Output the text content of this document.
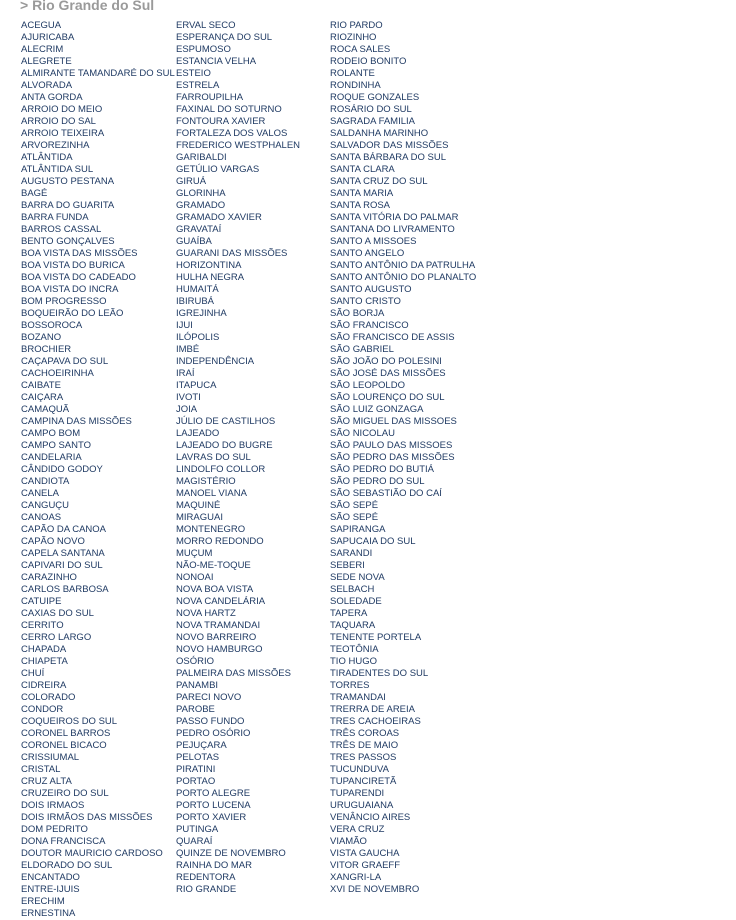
> Rio Grande do Sul
ACEGUA
AJURICABA
ALECRIM
ALEGRETE
ALMIRANTE TAMANDARÉ DO SUL
ALVORADA
ANTA GORDA
ARROIO DO MEIO
ARROIO DO SAL
ARROIO TEIXEIRA
ARVOREZINHA
ATLÂNTIDA
ATLÂNTIDA SUL
AUGUSTO PESTANA
BAGÉ
BARRA DO GUARITA
BARRA FUNDA
BARROS CASSAL
BENTO GONÇALVES
BOA VISTA DAS MISSÕES
BOA VISTA DO BURICA
BOA VISTA DO CADEADO
BOA VISTA DO INCRA
BOM PROGRESSO
BOQUEIRÃO DO LEÃO
BOSSOROCA
BOZANO
BROCHIER
CAÇAPAVA DO SUL
CACHOEIRINHA
CAIBATE
CAIÇARA
CAMAQUÃ
CAMPINA DAS MISSÕES
CAMPO BOM
CAMPO SANTO
CANDELARIA
CÂNDIDO GODOY
CANDIOTA
CANELA
CANGUÇU
CANOAS
CAPÃO DA CANOA
CAPÃO NOVO
CAPELA SANTANA
CAPIVARI DO SUL
CARAZINHO
CARLOS BARBOSA
CATUIPE
CAXIAS DO SUL
CERRITO
CERRO LARGO
CHAPADA
CHIAPETA
CHUÍ
CIDREIRA
COLORADO
CONDOR
COQUEIROS DO SUL
CORONEL BARROS
CORONEL BICACO
CRISSIUMAL
CRISTAL
CRUZ ALTA
CRUZEIRO DO SUL
DOIS IRMAOS
DOIS IRMÃOS DAS MISSÕES
DOM PEDRITO
DONA FRANCISCA
DOUTOR MAURICIO CARDOSO
ELDORADO DO SUL
ENCANTADO
ENTRE-IJUIS
ERECHIM
ERNESTINA
ERVAL SECO
ESPERANÇA DO SUL
ESPUMOSO
ESTANCIA VELHA
ESTEIO
ESTRELA
FARROUPILHA
FAXINAL DO SOTURNO
FONTOURA XAVIER
FORTALEZA DOS VALOS
FREDERICO WESTPHALEN
GARIBALDI
GETÚLIO VARGAS
GIRUÁ
GLORINHA
GRAMADO
GRAMADO XAVIER
GRAVATAÍ
GUAÍBA
GUARANI DAS MISSÕES
HORIZONTINA
HULHA NEGRA
HUMAITÁ
IBIRUBÁ
IGREJINHA
IJUI
ILÓPOLIS
IMBÉ
INDEPENDÊNCIA
IRAÍ
ITAPUCA
IVOTI
JOIA
JÚLIO DE CASTILHOS
LAJEADO
LAJEADO DO BUGRE
LAVRAS DO SUL
LINDOLFO COLLOR
MAGISTÉRIO
MANOEL VIANA
MAQUINÉ
MIRAGUAI
MONTENEGRO
MORRO REDONDO
MUÇUM
NÃO-ME-TOQUE
NONOAI
NOVA BOA VISTA
NOVA CANDELÁRIA
NOVA HARTZ
NOVA TRAMANDAI
NOVO BARREIRO
NOVO HAMBURGO
OSÓRIO
PALMEIRA DAS MISSÕES
PANAMBI
PARECI NOVO
PAROBE
PASSO FUNDO
PEDRO OSÓRIO
PEJUÇARA
PELOTAS
PIRATINI
PORTAO
PORTO ALEGRE
PORTO LUCENA
PORTO XAVIER
PUTINGA
QUARAÍ
QUINZE DE NOVEMBRO
RAINHA DO MAR
REDENTORA
RIO GRANDE
RIO PARDO
RIOZINHO
ROCA SALES
RODEIO BONITO
ROLANTE
RONDINHA
ROQUE GONZALES
ROSÁRIO DO SUL
SAGRADA FAMILIA
SALDANHA MARINHO
SALVADOR DAS MISSÕES
SANTA BÁRBARA DO SUL
SANTA CLARA
SANTA CRUZ DO SUL
SANTA MARIA
SANTA ROSA
SANTA VITÓRIA DO PALMAR
SANTANA DO LIVRAMENTO
SANTO A MISSOES
SANTO ANGELO
SANTO ANTÔNIO DA PATRULHA
SANTO ANTÔNIO DO PLANALTO
SANTO AUGUSTO
SANTO CRISTO
SÃO BORJA
SÃO FRANCISCO
SÃO FRANCISCO DE ASSIS
SÃO GABRIEL
SÃO JOÃO DO POLESINI
SÃO JOSÉ DAS MISSÕES
SÃO LEOPOLDO
SÃO LOURENÇO DO SUL
SÃO LUIZ GONZAGA
SÃO MIGUEL DAS MISSOES
SÃO NICOLAU
SÃO PAULO DAS MISSOES
SÃO PEDRO DAS MISSÕES
SÃO PEDRO DO BUTIÁ
SÃO PEDRO DO SUL
SÃO SEBASTIÃO DO CAÍ
SÃO SEPÉ
SÃO SEPÉ
SAPIRANGA
SAPUCAIA DO SUL
SARANDI
SEBERI
SEDE NOVA
SELBACH
SOLEDADE
TAPERA
TAQUARA
TENENTE PORTELA
TEOTÔNIA
TIO HUGO
TIRADENTES DO SUL
TORRES
TRAMANDAI
TRERRA DE AREIA
TRES CACHOEIRAS
TRÊS COROAS
TRÊS DE MAIO
TRES PASSOS
TUCUNDUVA
TUPANCIRETÃ
TUPARENDI
URUGUAIANA
VENÂNCIO AIRES
VERA CRUZ
VIAMÃO
VISTA GAUCHA
VITOR GRAEFF
XANGRI-LA
XVI DE NOVEMBRO
